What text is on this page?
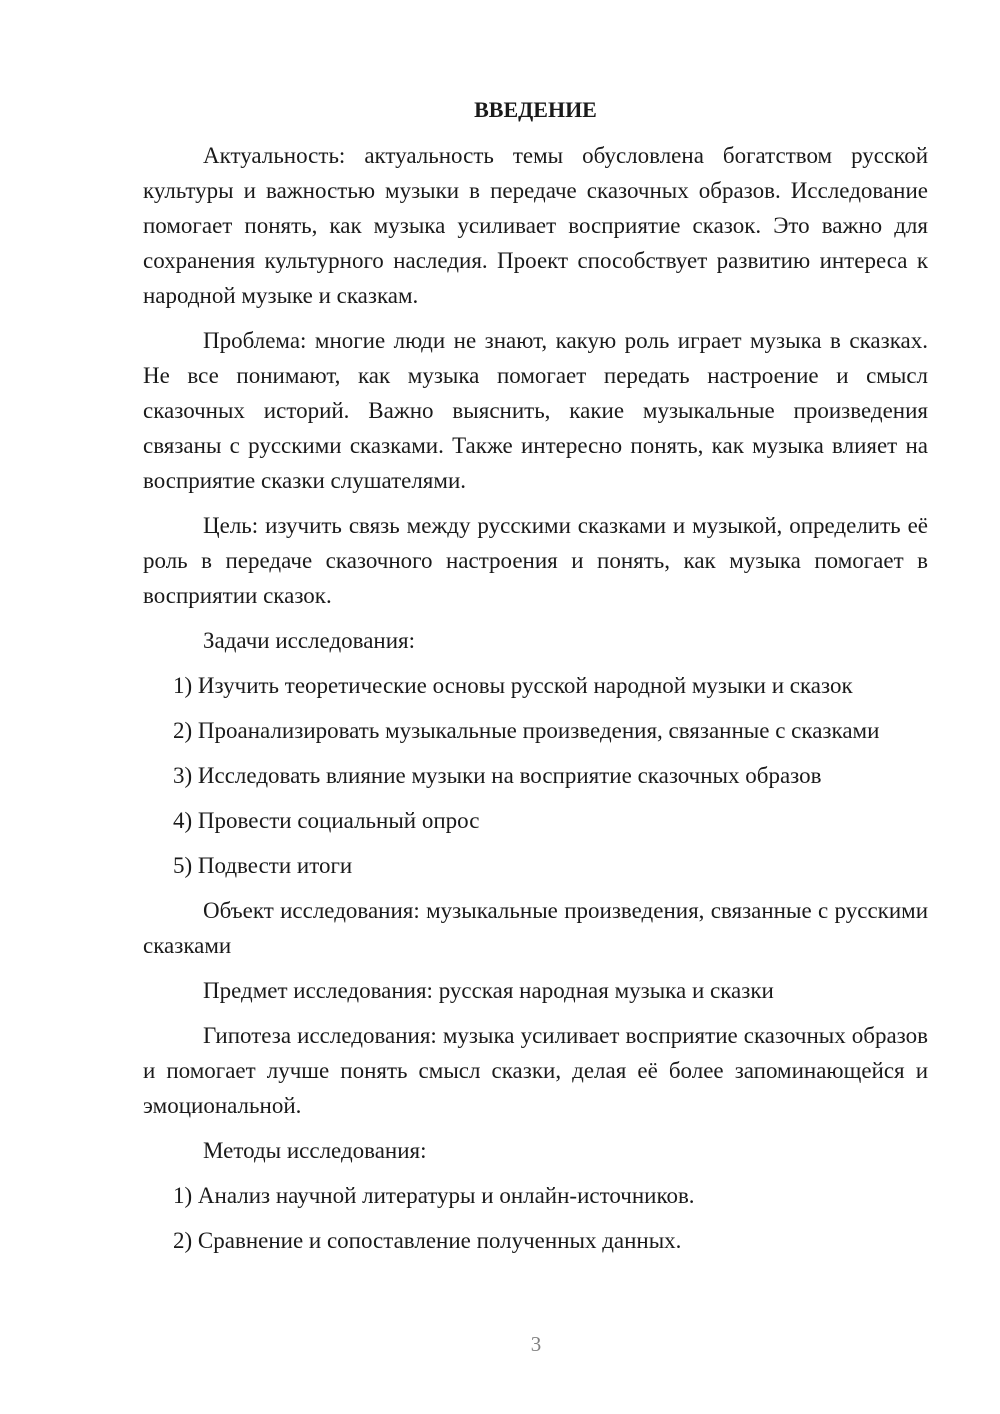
ВВЕДЕНИЕ

Актуальность: актуальность темы обусловлена богатством русской культуры и важностью музыки в передаче сказочных образов. Исследование помогает понять, как музыка усиливает восприятие сказок. Это важно для сохранения культурного наследия. Проект способствует развитию интереса к народной музыке и сказкам.

Проблема: многие люди не знают, какую роль играет музыка в сказках. Не все понимают, как музыка помогает передать настроение и смысл сказочных историй. Важно выяснить, какие музыкальные произведения связаны с русскими сказками. Также интересно понять, как музыка влияет на восприятие сказки слушателями.

Цель: изучить связь между русскими сказками и музыкой, определить её роль в передаче сказочного настроения и понять, как музыка помогает в восприятии сказок.

Задачи исследования:

1) Изучить теоретические основы русской народной музыки и сказок

2) Проанализировать музыкальные произведения, связанные с сказками

3) Исследовать влияние музыки на восприятие сказочных образов

4) Провести социальный опрос

5) Подвести итоги

Объект исследования: музыкальные произведения, связанные с русскими сказками

Предмет исследования: русская народная музыка и сказки

Гипотеза исследования: музыка усиливает восприятие сказочных образов и помогает лучше понять смысл сказки, делая её более запоминающейся и эмоциональной.

Методы исследования:

1) Анализ научной литературы и онлайн-источников.

2) Сравнение и сопоставление полученных данных.

3
